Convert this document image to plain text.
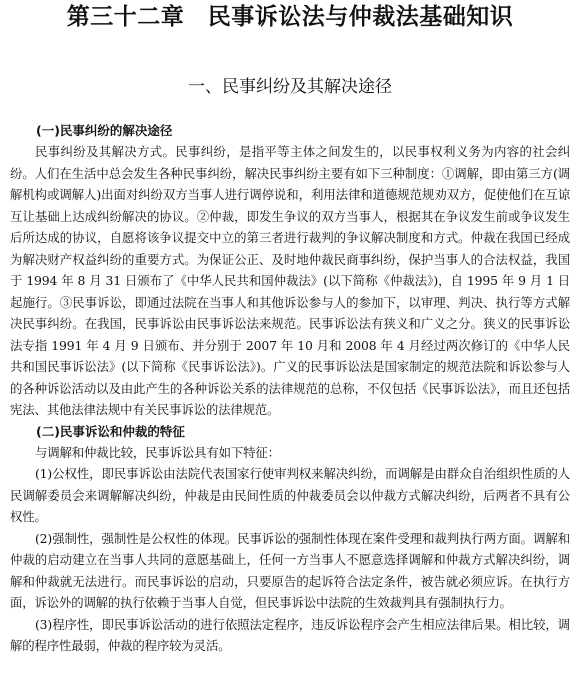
第三十二章　民事诉讼法与仲裁法基础知识
一、民事纠纷及其解决途径
(一)民事纠纷的解决途径

民事纠纷及其解决方式。民事纠纷，是指平等主体之间发生的，以民事权利义务为内容的社会纠纷。人们在生活中总会发生各种民事纠纷，解决民事纠纷主要有如下三种制度：①调解，即由第三方(调解机构或调解人)出面对纠纷双方当事人进行调停说和，利用法律和道德规范规劝双方，促使他们在互谅互让基础上达成纠纷解决的协议。②仲裁，即发生争议的双方当事人，根据其在争议发生前或争议发生后所达成的协议，自愿将该争议提交中立的第三者进行裁判的争议解决制度和方式。仲裁在我国已经成为解决财产权益纠纷的重要方式。为保证公正、及时地仲裁民商事纠纷，保护当事人的合法权益，我国于 1994 年 8 月 31 日颁布了《中华人民共和国仲裁法》(以下简称《仲裁法》)，自 1995 年 9 月 1 日起施行。③民事诉讼，即通过法院在当事人和其他诉讼参与人的参加下，以审理、判决、执行等方式解决民事纠纷。在我国，民事诉讼由民事诉讼法来规范。民事诉讼法有狭义和广义之分。狭义的民事诉讼法专指 1991 年 4 月 9 日颁布、并分别于 2007 年 10 月和 2008 年 4 月经过两次修订的《中华人民共和国民事诉讼法》(以下简称《民事诉讼法》)。广义的民事诉讼法是国家制定的规范法院和诉讼参与人的各种诉讼活动以及由此产生的各种诉讼关系的法律规范的总称，不仅包括《民事诉讼法》，而且还包括宪法、其他法律法规中有关民事诉讼的法律规范。

(二)民事诉讼和仲裁的特征

与调解和仲裁比较，民事诉讼具有如下特征：

(1)公权性，即民事诉讼由法院代表国家行使审判权来解决纠纷，而调解是由群众自治组织性质的人民调解委员会来调解解决纠纷，仲裁是由民间性质的仲裁委员会以仲裁方式解决纠纷，后两者不具有公权性。

(2)强制性，强制性是公权性的体现。民事诉讼的强制性体现在案件受理和裁判执行两方面。调解和仲裁的启动建立在当事人共同的意愿基础上，任何一方当事人不愿意选择调解和仲裁方式解决纠纷，调解和仲裁就无法进行。而民事诉讼的启动，只要原告的起诉符合法定条件，被告就必须应诉。在执行方面，诉讼外的调解的执行依赖于当事人自觉，但民事诉讼中法院的生效裁判具有强制执行力。

(3)程序性，即民事诉讼活动的进行依照法定程序，违反诉讼程序会产生相应法律后果。相比较，调解的程序性最弱，仲裁的程序较为灵活。
